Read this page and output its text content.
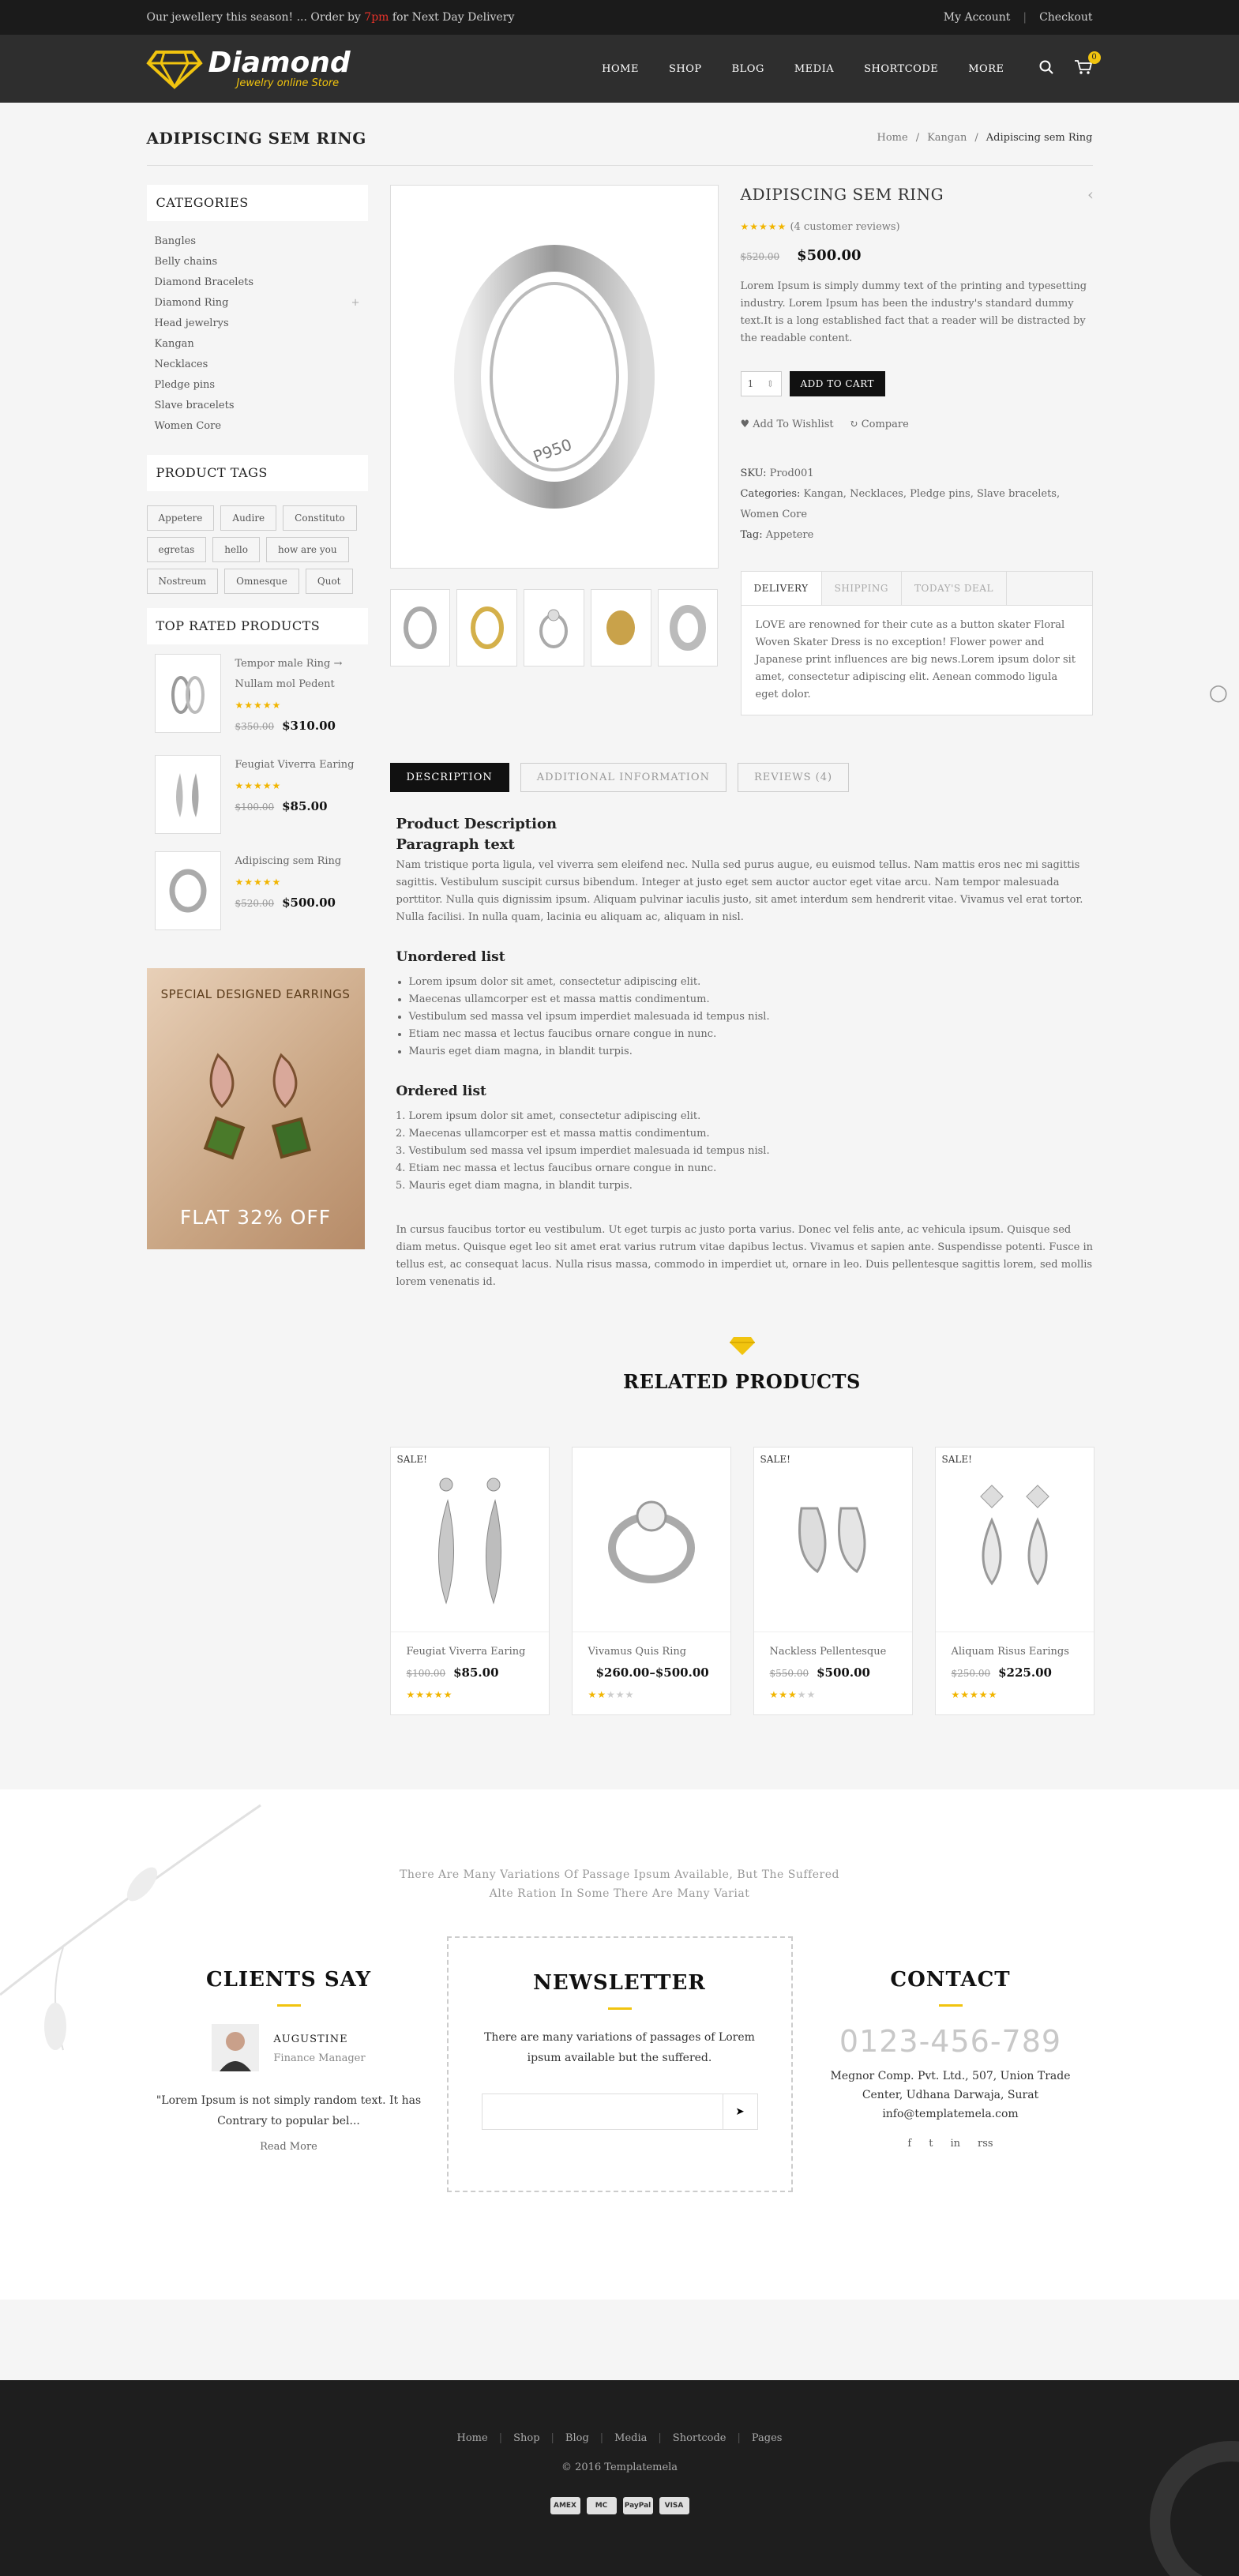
Our jewellery this season! ... Order by 7pm for Next Day Delivery	My Account | Checkout
Diamond
Jewelry online Store
HOME	SHOP	BLOG	MEDIA	SHORTCODE	MORE
0
ADIPISCING SEM RING	Home / Kangan / Adipiscing sem Ring
CATEGORIES
Bangles
Belly chains
Diamond Bracelets
Diamond Ring	+
Head jewelrys
Kangan
Necklaces
Pledge pins
Slave bracelets
Women Core
PRODUCT TAGS
Appetere	Audire	Constituto
egretas	hello	how are you
Nostreum	Omnesque	Quot
TOP RATED PRODUCTS
Tempor male Ring → Nullam mol Pedent
★★★★★
$350.00 $310.00
Feugiat Viverra Earing
★★★★★
$100.00 $85.00
Adipiscing sem Ring
★★★★★
$520.00 $500.00
SPECIAL DESIGNED EARRINGS
FLAT 32% OFF
P950
ADIPISCING SEM RING	‹
★★★★★ (4 customer reviews)
$520.00 $500.00
Lorem Ipsum is simply dummy text of the printing and typesetting industry. Lorem Ipsum has been the industry's standard dummy text.It is a long established fact that a reader will be distracted by the readable content.
1 ⇕	ADD TO CART
♥ Add To Wishlist ↻ Compare
SKU: Prod001
Categories: Kangan, Necklaces, Pledge pins, Slave bracelets, Women Core
Tag: Appetere
DELIVERY	SHIPPING	TODAY'S DEAL
LOVE are renowned for their cute as a button skater Floral Woven Skater Dress is no exception! Flower power and Japanese print influences are big news.Lorem ipsum dolor sit amet, consectetur adipiscing elit. Aenean commodo ligula eget dolor.
DESCRIPTION	ADDITIONAL INFORMATION	REVIEWS (4)
Product Description
Paragraph text

Nam tristique porta ligula, vel viverra sem eleifend nec. Nulla sed purus augue, eu euismod tellus. Nam mattis eros nec mi sagittis sagittis. Vestibulum suscipit cursus bibendum. Integer at justo eget sem auctor auctor eget vitae arcu. Nam tempor malesuada porttitor. Nulla quis dignissim ipsum. Aliquam pulvinar iaculis justo, sit amet interdum sem hendrerit vitae. Vivamus vel erat tortor. Nulla facilisi. In nulla quam, lacinia eu aliquam ac, aliquam in nisl.

Unordered list
• Lorem ipsum dolor sit amet, consectetur adipiscing elit.
• Maecenas ullamcorper est et massa mattis condimentum.
• Vestibulum sed massa vel ipsum imperdiet malesuada id tempus nisl.
• Etiam nec massa et lectus faucibus ornare congue in nunc.
• Mauris eget diam magna, in blandit turpis.
Ordered list
1. Lorem ipsum dolor sit amet, consectetur adipiscing elit.
2. Maecenas ullamcorper est et massa mattis condimentum.
3. Vestibulum sed massa vel ipsum imperdiet malesuada id tempus nisl.
4. Etiam nec massa et lectus faucibus ornare congue in nunc.
5. Mauris eget diam magna, in blandit turpis.

In cursus faucibus tortor eu vestibulum. Ut eget turpis ac justo porta varius. Donec vel felis ante, ac vehicula ipsum. Quisque sed diam metus. Quisque eget leo sit amet erat varius rutrum vitae dapibus lectus. Vivamus et sapien ante. Suspendisse potenti. Fusce in tellus est, ac consequat lacus. Nulla risus massa, commodo in imperdiet ut, ornare in leo. Duis pellentesque sagittis lorem, sed mollis lorem venenatis id.

RELATED PRODUCTS
SALE!
Feugiat Viverra Earing
$100.00 $85.00
★★★★★
Vivamus Quis Ring
$260.00–$500.00
★★★★★
SALE!
Nackless Pellentesque
$550.00 $500.00
★★★★★
SALE!
Aliquam Risus Earings
$250.00 $225.00
★★★★★
○
There Are Many Variations Of Passage Ipsum Available, But The Suffered
Alte Ration In Some There Are Many Variat
CLIENTS SAY
AUGUSTINE
Finance Manager
"Lorem Ipsum is not simply random text. It has Contrary to popular bel...
Read More
NEWSLETTER

There are many variations of passages of Lorem ipsum available but the suffered.

➤
CONTACT
0123-456-789
Megnor Comp. Pvt. Ltd., 507, Union Trade
Center, Udhana Darwaja, Surat
info@templatemela.com
f t in rss
Home | Shop | Blog | Media | Shortcode | Pages
© 2016 Templatemela
AMEX	MC	PayPal	VISA
